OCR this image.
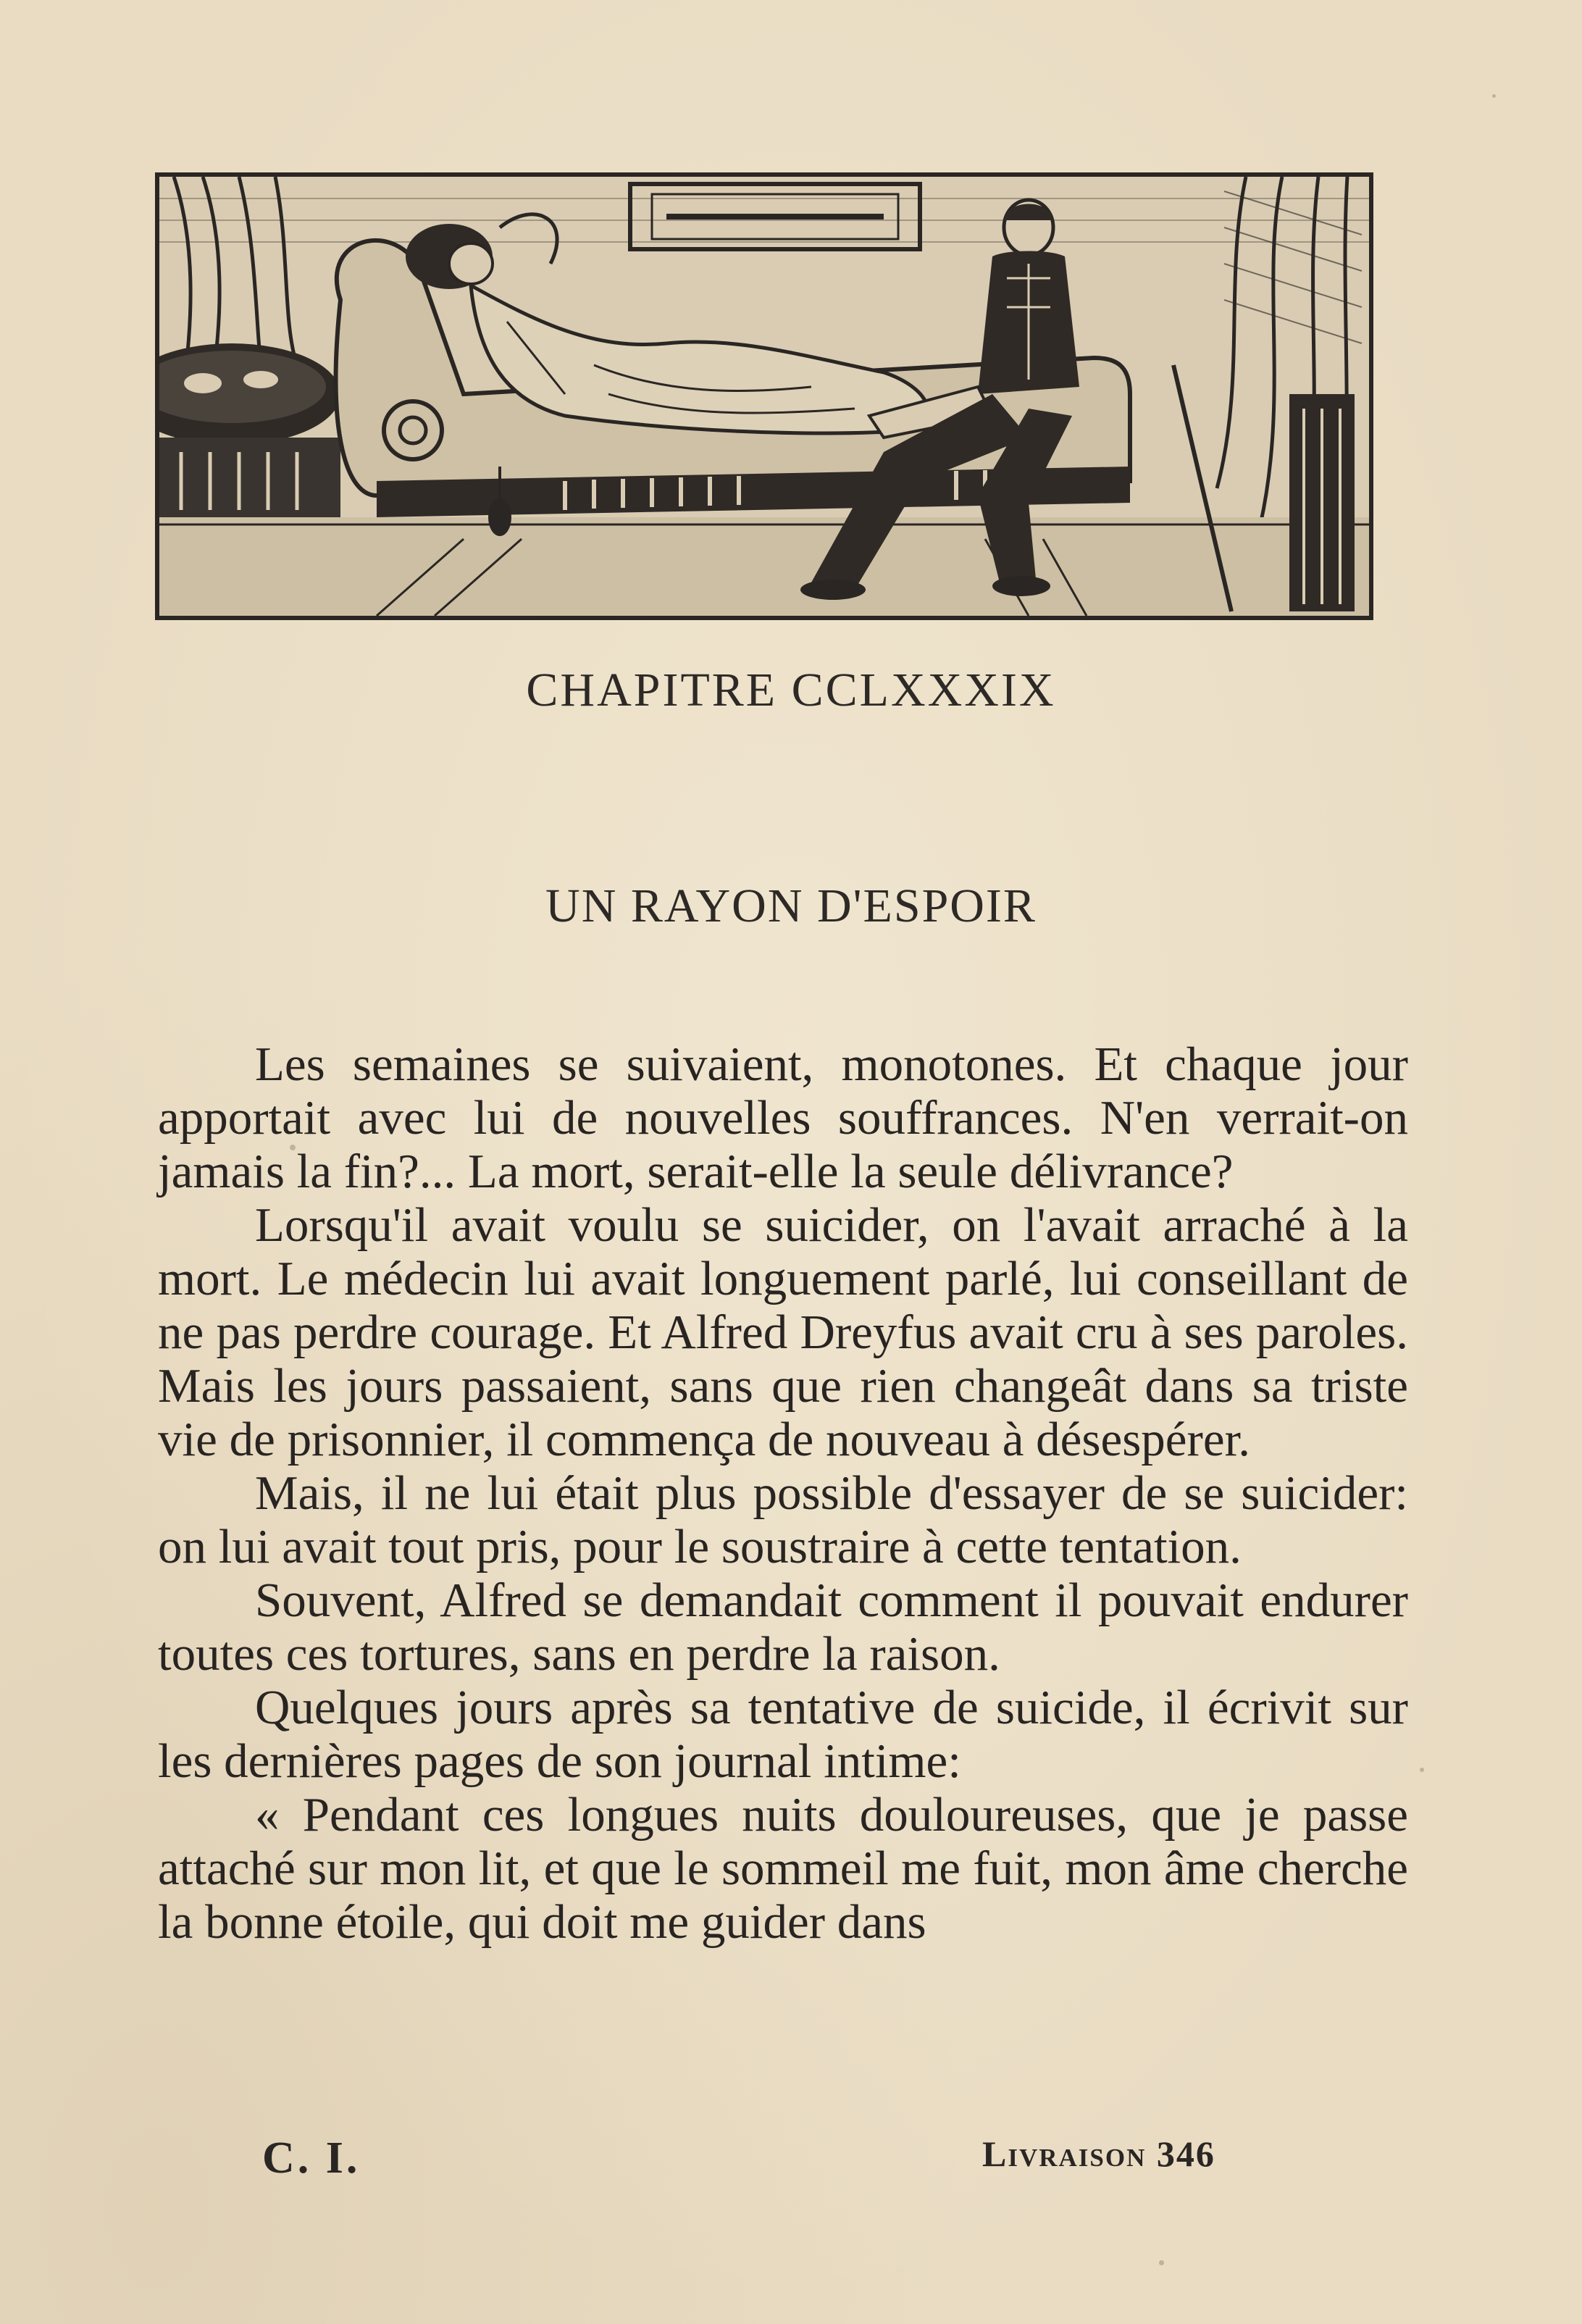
CHAPITRE CCLXXXIX
UN RAYON D'ESPOIR

Les semaines se suivaient, monotones. Et chaque jour apportait avec lui de nouvelles souffrances. N'en verrait-on jamais la fin?... La mort, serait-elle la seule délivrance?

Lorsqu'il avait voulu se suicider, on l'avait arraché à la mort. Le médecin lui avait longuement parlé, lui conseillant de ne pas perdre courage. Et Alfred Dreyfus avait cru à ses paroles. Mais les jours passaient, sans que rien changeât dans sa triste vie de prisonnier, il commença de nouveau à désespérer.

Mais, il ne lui était plus possible d'essayer de se suicider: on lui avait tout pris, pour le soustraire à cette tentation.

Souvent, Alfred se demandait comment il pouvait endurer toutes ces tortures, sans en perdre la raison.

Quelques jours après sa tentative de suicide, il écrivit sur les dernières pages de son journal intime:

« Pendant ces longues nuits douloureuses, que je passe attaché sur mon lit, et que le sommeil me fuit, mon âme cherche la bonne étoile, qui doit me guider dans

C. I.	Livraison 346
